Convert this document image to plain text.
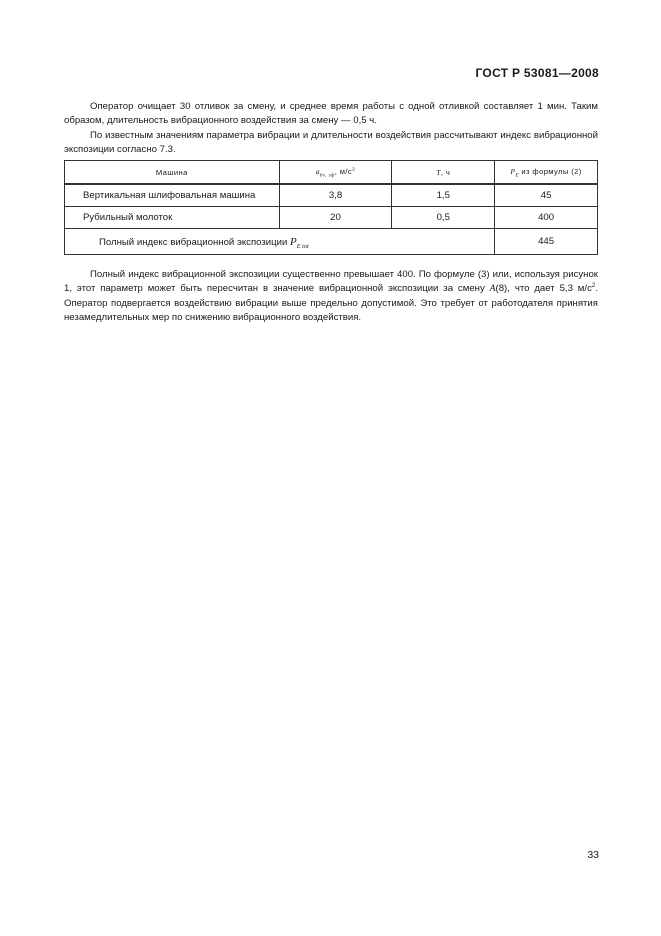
ГОСТ Р 53081—2008

Оператор очищает 30 отливок за смену, и среднее время работы с одной отливкой составляет 1 мин. Таким образом, длительность вибрационного воздействия за смену — 0,5 ч.

По известным значениям параметра вибрации и длительности воздействия рассчитывают индекс вибрационной экспозиции согласно 7.3.

Машина	$a_{hv, эф}$, $м/с^2$	T, ч	$P_E$ из формулы (2)
Вертикальная шлифовальная машина	3,8	1,5	45
Рубильный молоток	20	0,5	400
Полный индекс вибрационной экспозиции $P_{E tot}$			445

Полный индекс вибрационной экспозиции существенно превышает 400. По формуле (3) или, используя рисунок 1, этот параметр может быть пересчитан в значение вибрационной экспозиции за смену A(8), что дает 5,3 $м/с^2$. Оператор подвергается воздействию вибрации выше предельно допустимой. Это требует от работодателя принятия незамедлительных мер по снижению вибрационного воздействия.

33
